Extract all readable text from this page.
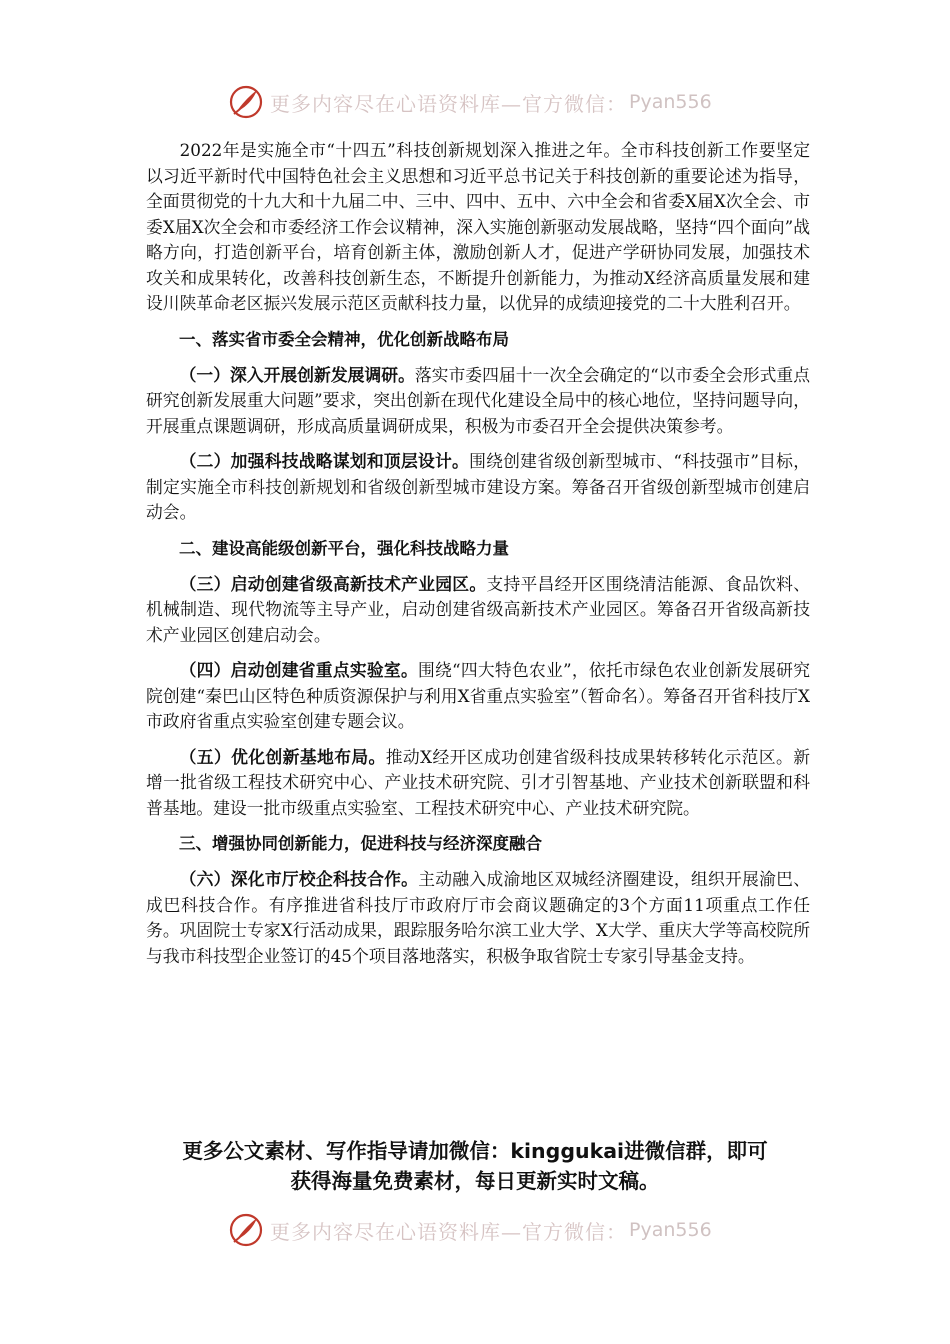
更多内容尽在心语资料库—官方微信： Pyan556

2022年是实施全市“十四五”科技创新规划深入推进之年。全市科技创新工作要坚定以习近平新时代中国特色社会主义思想和习近平总书记关于科技创新的重要论述为指导，全面贯彻党的十九大和十九届二中、三中、四中、五中、六中全会和省委X届X次全会、市委X届X次全会和市委经济工作会议精神，深入实施创新驱动发展战略，坚持“四个面向”战略方向，打造创新平台，培育创新主体，激励创新人才，促进产学研协同发展，加强技术攻关和成果转化，改善科技创新生态，不断提升创新能力，为推动X经济高质量发展和建设川陕革命老区振兴发展示范区贡献科技力量，以优异的成绩迎接党的二十大胜利召开。

一、落实省市委全会精神，优化创新战略布局

（一）深入开展创新发展调研。落实市委四届十一次全会确定的“以市委全会形式重点研究创新发展重大问题”要求，突出创新在现代化建设全局中的核心地位，坚持问题导向，开展重点课题调研，形成高质量调研成果，积极为市委召开全会提供决策参考。

（二）加强科技战略谋划和顶层设计。围绕创建省级创新型城市、“科技强市”目标，制定实施全市科技创新规划和省级创新型城市建设方案。筹备召开省级创新型城市创建启动会。

二、建设高能级创新平台，强化科技战略力量

（三）启动创建省级高新技术产业园区。支持平昌经开区围绕清洁能源、食品饮料、机械制造、现代物流等主导产业，启动创建省级高新技术产业园区。筹备召开省级高新技术产业园区创建启动会。

（四）启动创建省重点实验室。围绕“四大特色农业”，依托市绿色农业创新发展研究院创建“秦巴山区特色种质资源保护与利用X省重点实验室”（暂命名）。筹备召开省科技厅X市政府省重点实验室创建专题会议。

（五）优化创新基地布局。推动X经开区成功创建省级科技成果转移转化示范区。新增一批省级工程技术研究中心、产业技术研究院、引才引智基地、产业技术创新联盟和科普基地。建设一批市级重点实验室、工程技术研究中心、产业技术研究院。

三、增强协同创新能力，促进科技与经济深度融合

（六）深化市厅校企科技合作。主动融入成渝地区双城经济圈建设，组织开展渝巴、成巴科技合作。有序推进省科技厅市政府厅市会商议题确定的3个方面11项重点工作任务。巩固院士专家X行活动成果，跟踪服务哈尔滨工业大学、X大学、重庆大学等高校院所与我市科技型企业签订的45个项目落地落实，积极争取省院士专家引导基金支持。

更多公文素材、写作指导请加微信：kinggukai进微信群，即可
获得海量免费素材，每日更新实时文稿。
更多内容尽在心语资料库—官方微信： Pyan556
